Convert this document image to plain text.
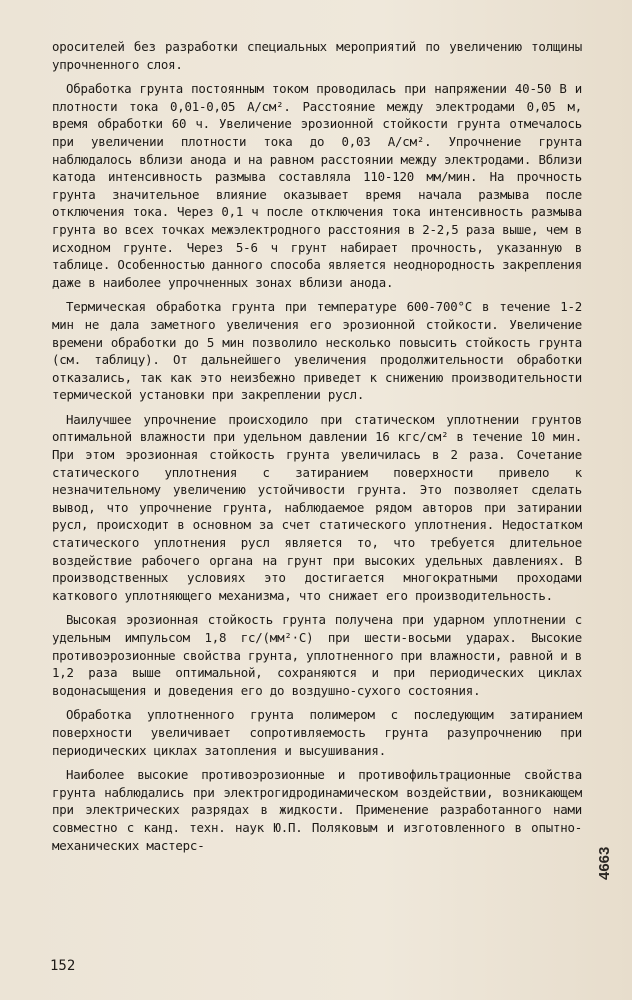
оросителей без разработки специальных мероприятий по увеличению толщины упрочненного слоя.

Обработка грунта постоянным током проводилась при напряжении 40-50 В и плотности тока 0,01-0,05 А/см². Расстояние между электродами 0,05 м, время обработки 60 ч. Увеличение эрозионной стойкости грунта отмечалось при увеличении плотности тока до 0,03 А/см². Упрочнение грунта наблюдалось вблизи анода и на равном расстоянии между электродами. Вблизи катода интенсивность размыва составляла 110-120 мм/мин. На прочность грунта значительное влияние оказывает время начала размыва после отключения тока. Через 0,1 ч после отключения тока интенсивность размыва грунта во всех точках межэлектродного расстояния в 2-2,5 раза выше, чем в исходном грунте. Через 5-6 ч грунт набирает прочность, указанную в таблице. Особенностью данного способа является неоднородность закрепления даже в наиболее упрочненных зонах вблизи анода.

Термическая обработка грунта при температуре 600-700°С в течение 1-2 мин не дала заметного увеличения его эрозионной стойкости. Увеличение времени обработки до 5 мин позволило несколько повысить стойкость грунта (см. таблицу). От дальнейшего увеличения продолжительности обработки отказались, так как это неизбежно приведет к снижению производительности термической установки при закреплении русл.

Наилучшее упрочнение происходило при статическом уплотнении грунтов оптимальной влажности при удельном давлении 16 кгс/см² в течение 10 мин. При этом эрозионная стойкость грунта увеличилась в 2 раза. Сочетание статического уплотнения с затиранием поверхности привело к незначительному увеличению устойчивости грунта. Это позволяет сделать вывод, что упрочнение грунта, наблюдаемое рядом авторов при затирании русл, происходит в основном за счет статического уплотнения. Недостатком статического уплотнения русл является то, что требуется длительное воздействие рабочего органа на грунт при высоких удельных давлениях. В производственных условиях это достигается многократными проходами каткового уплотняющего механизма, что снижает его производительность.

Высокая эрозионная стойкость грунта получена при ударном уплотнении с удельным импульсом 1,8 гс/(мм²·С) при шести-восьми ударах. Высокие противоэрозионные свойства грунта, уплотненного при влажности, равной и в 1,2 раза выше оптимальной, сохраняются и при периодических циклах водонасыщения и доведения его до воздушно-сухого состояния.

Обработка уплотненного грунта полимером с последующим затиранием поверхности увеличивает сопротивляемость грунта разупрочнению при периодических циклах затопления и высушивания.

Наиболее высокие противоэрозионные и противофильтрационные свойства грунта наблюдались при электрогидродинамическом воздействии, возникающем при электрических разрядах в жидкости. Применение разработанного нами совместно с канд. техн. наук Ю.П. Поляковым и изготовленного в опытно-механических мастерс-

152
4663
